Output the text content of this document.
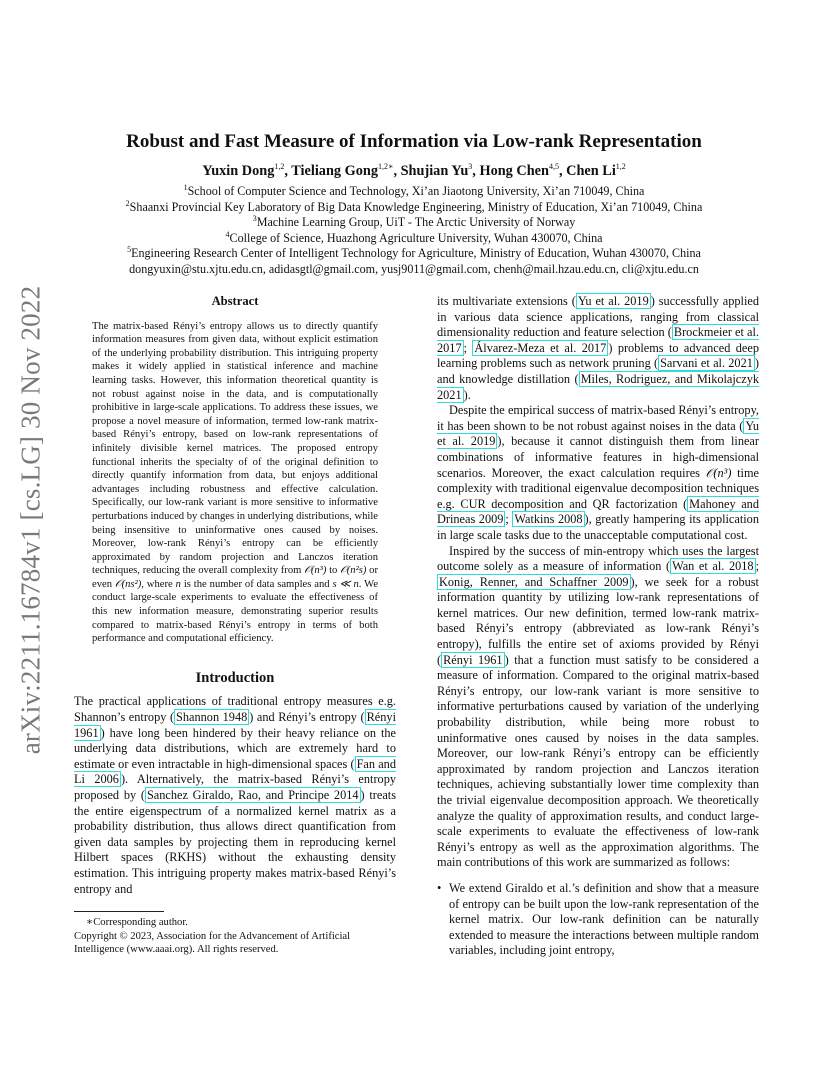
arXiv:2211.16784v1 [cs.LG] 30 Nov 2022
Robust and Fast Measure of Information via Low-rank Representation
Yuxin Dong$^{1,2}$, Tieliang Gong$^{1,2∗}$, Shujian Yu$^3$, Hong Chen$^{4,5}$, Chen Li$^{1,2}$
$^1$School of Computer Science and Technology, Xi’an Jiaotong University, Xi’an 710049, China
$^2$Shaanxi Provincial Key Laboratory of Big Data Knowledge Engineering, Ministry of Education, Xi’an 710049, China
$^3$Machine Learning Group, UiT - The Arctic University of Norway
$^4$College of Science, Huazhong Agriculture University, Wuhan 430070, China
$^5$Engineering Research Center of Intelligent Technology for Agriculture, Ministry of Education, Wuhan 430070, China
dongyuxin@stu.xjtu.edu.cn, adidasgtl@gmail.com, yusj9011@gmail.com, chenh@mail.hzau.edu.cn, cli@xjtu.edu.cn
Abstract

The matrix-based Rényi’s entropy allows us to directly quantify information measures from given data, without explicit estimation of the underlying probability distribution. This intriguing property makes it widely applied in statistical inference and machine learning tasks. However, this information theoretical quantity is not robust against noise in the data, and is computationally prohibitive in large-scale applications. To address these issues, we propose a novel measure of information, termed low-rank matrix-based Rényi’s entropy, based on low-rank representations of infinitely divisible kernel matrices. The proposed entropy functional inherits the specialty of of the original definition to directly quantify information from data, but enjoys additional advantages including robustness and effective calculation. Specifically, our low-rank variant is more sensitive to informative perturbations induced by changes in underlying distributions, while being insensitive to uninformative ones caused by noises. Moreover, low-rank Rényi’s entropy can be efficiently approximated by random projection and Lanczos iteration techniques, reducing the overall complexity from 𝒪(n³) to 𝒪(n²s) or even 𝒪(ns²), where n is the number of data samples and s ≪ n. We conduct large-scale experiments to evaluate the effectiveness of this new information measure, demonstrating superior results compared to matrix-based Rényi’s entropy in terms of both performance and computational efficiency.

Introduction

The practical applications of traditional entropy measures e.g. Shannon’s entropy ( Shannon 1948 ) and Rényi’s entropy ( Rényi 1961 ) have long been hindered by their heavy reliance on the underlying data distributions, which are extremely hard to estimate or even intractable in high-dimensional spaces ( Fan and Li 2006 ). Alternatively, the matrix-based Rényi’s entropy proposed by ( Sanchez Giraldo, Rao, and Principe 2014 ) treats the entire eigenspectrum of a normalized kernel matrix as a probability distribution, thus allows direct quantification from given data samples by projecting them in reproducing kernel Hilbert spaces (RKHS) without the exhausting density estimation. This intriguing property makes matrix-based Rényi’s entropy and

its multivariate extensions ( Yu et al. 2019 ) successfully applied in various data science applications, ranging from classical dimensionality reduction and feature selection ( Brockmeier et al. 2017 ; Álvarez-Meza et al. 2017 ) problems to advanced deep learning problems such as network pruning ( Sarvani et al. 2021 ) and knowledge distillation ( Miles, Rodriguez, and Mikolajczyk 2021 ).

Despite the empirical success of matrix-based Rényi’s entropy, it has been shown to be not robust against noises in the data ( Yu et al. 2019 ), because it cannot distinguish them from linear combinations of informative features in high-dimensional scenarios. Moreover, the exact calculation requires 𝒪(n³) time complexity with traditional eigenvalue decomposition techniques e.g. CUR decomposition and QR factorization ( Mahoney and Drineas 2009 ; Watkins 2008 ), greatly hampering its application in large scale tasks due to the unacceptable computational cost.

Inspired by the success of min-entropy which uses the largest outcome solely as a measure of information ( Wan et al. 2018 ; Konig, Renner, and Schaffner 2009 ), we seek for a robust information quantity by utilizing low-rank representations of kernel matrices. Our new definition, termed low-rank matrix-based Rényi’s entropy (abbreviated as low-rank Rényi’s entropy), fulfills the entire set of axioms provided by Rényi ( Rényi 1961 ) that a function must satisfy to be considered a measure of information. Compared to the original matrix-based Rényi’s entropy, our low-rank variant is more sensitive to informative perturbations caused by variation of the underlying probability distribution, while being more robust to uninformative ones caused by noises in the data samples. Moreover, our low-rank Rényi’s entropy can be efficiently approximated by random projection and Lanczos iteration techniques, achieving substantially lower time complexity than the trivial eigenvalue decomposition approach. We theoretically analyze the quality of approximation results, and conduct large-scale experiments to evaluate the effectiveness of low-rank Rényi’s entropy as well as the approximation algorithms. The main contributions of this work are summarized as follows:

• We extend Giraldo et al.’s definition and show that a measure of entropy can be built upon the low-rank representation of the kernel matrix. Our low-rank definition can be naturally extended to measure the interactions between multiple random variables, including joint entropy,

∗Corresponding author.

Copyright © 2023, Association for the Advancement of Artificial Intelligence (www.aaai.org). All rights reserved.
